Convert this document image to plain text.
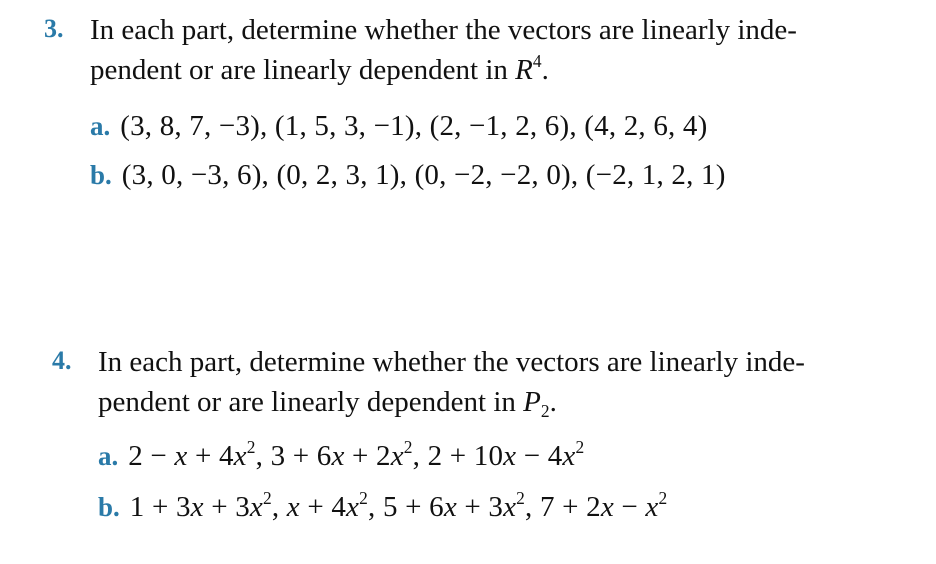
3. In each part, determine whether the vectors are linearly inde-
pendent or are linearly dependent in $R^4$.
a. (3, 8, 7, −3), (1, 5, 3, −1), (2, −1, 2, 6), (4, 2, 6, 4)
b. (3, 0, −3, 6), (0, 2, 3, 1), (0, −2, −2, 0), (−2, 1, 2, 1)
4. In each part, determine whether the vectors are linearly inde-
pendent or are linearly dependent in $P_2$.
a. $2 - x + 4x^2$, $3 + 6x + 2x^2$, $2 + 10x - 4x^2$
b. $1 + 3x + 3x^2$, $x + 4x^2$, $5 + 6x + 3x^2$, $7 + 2x - x^2$
